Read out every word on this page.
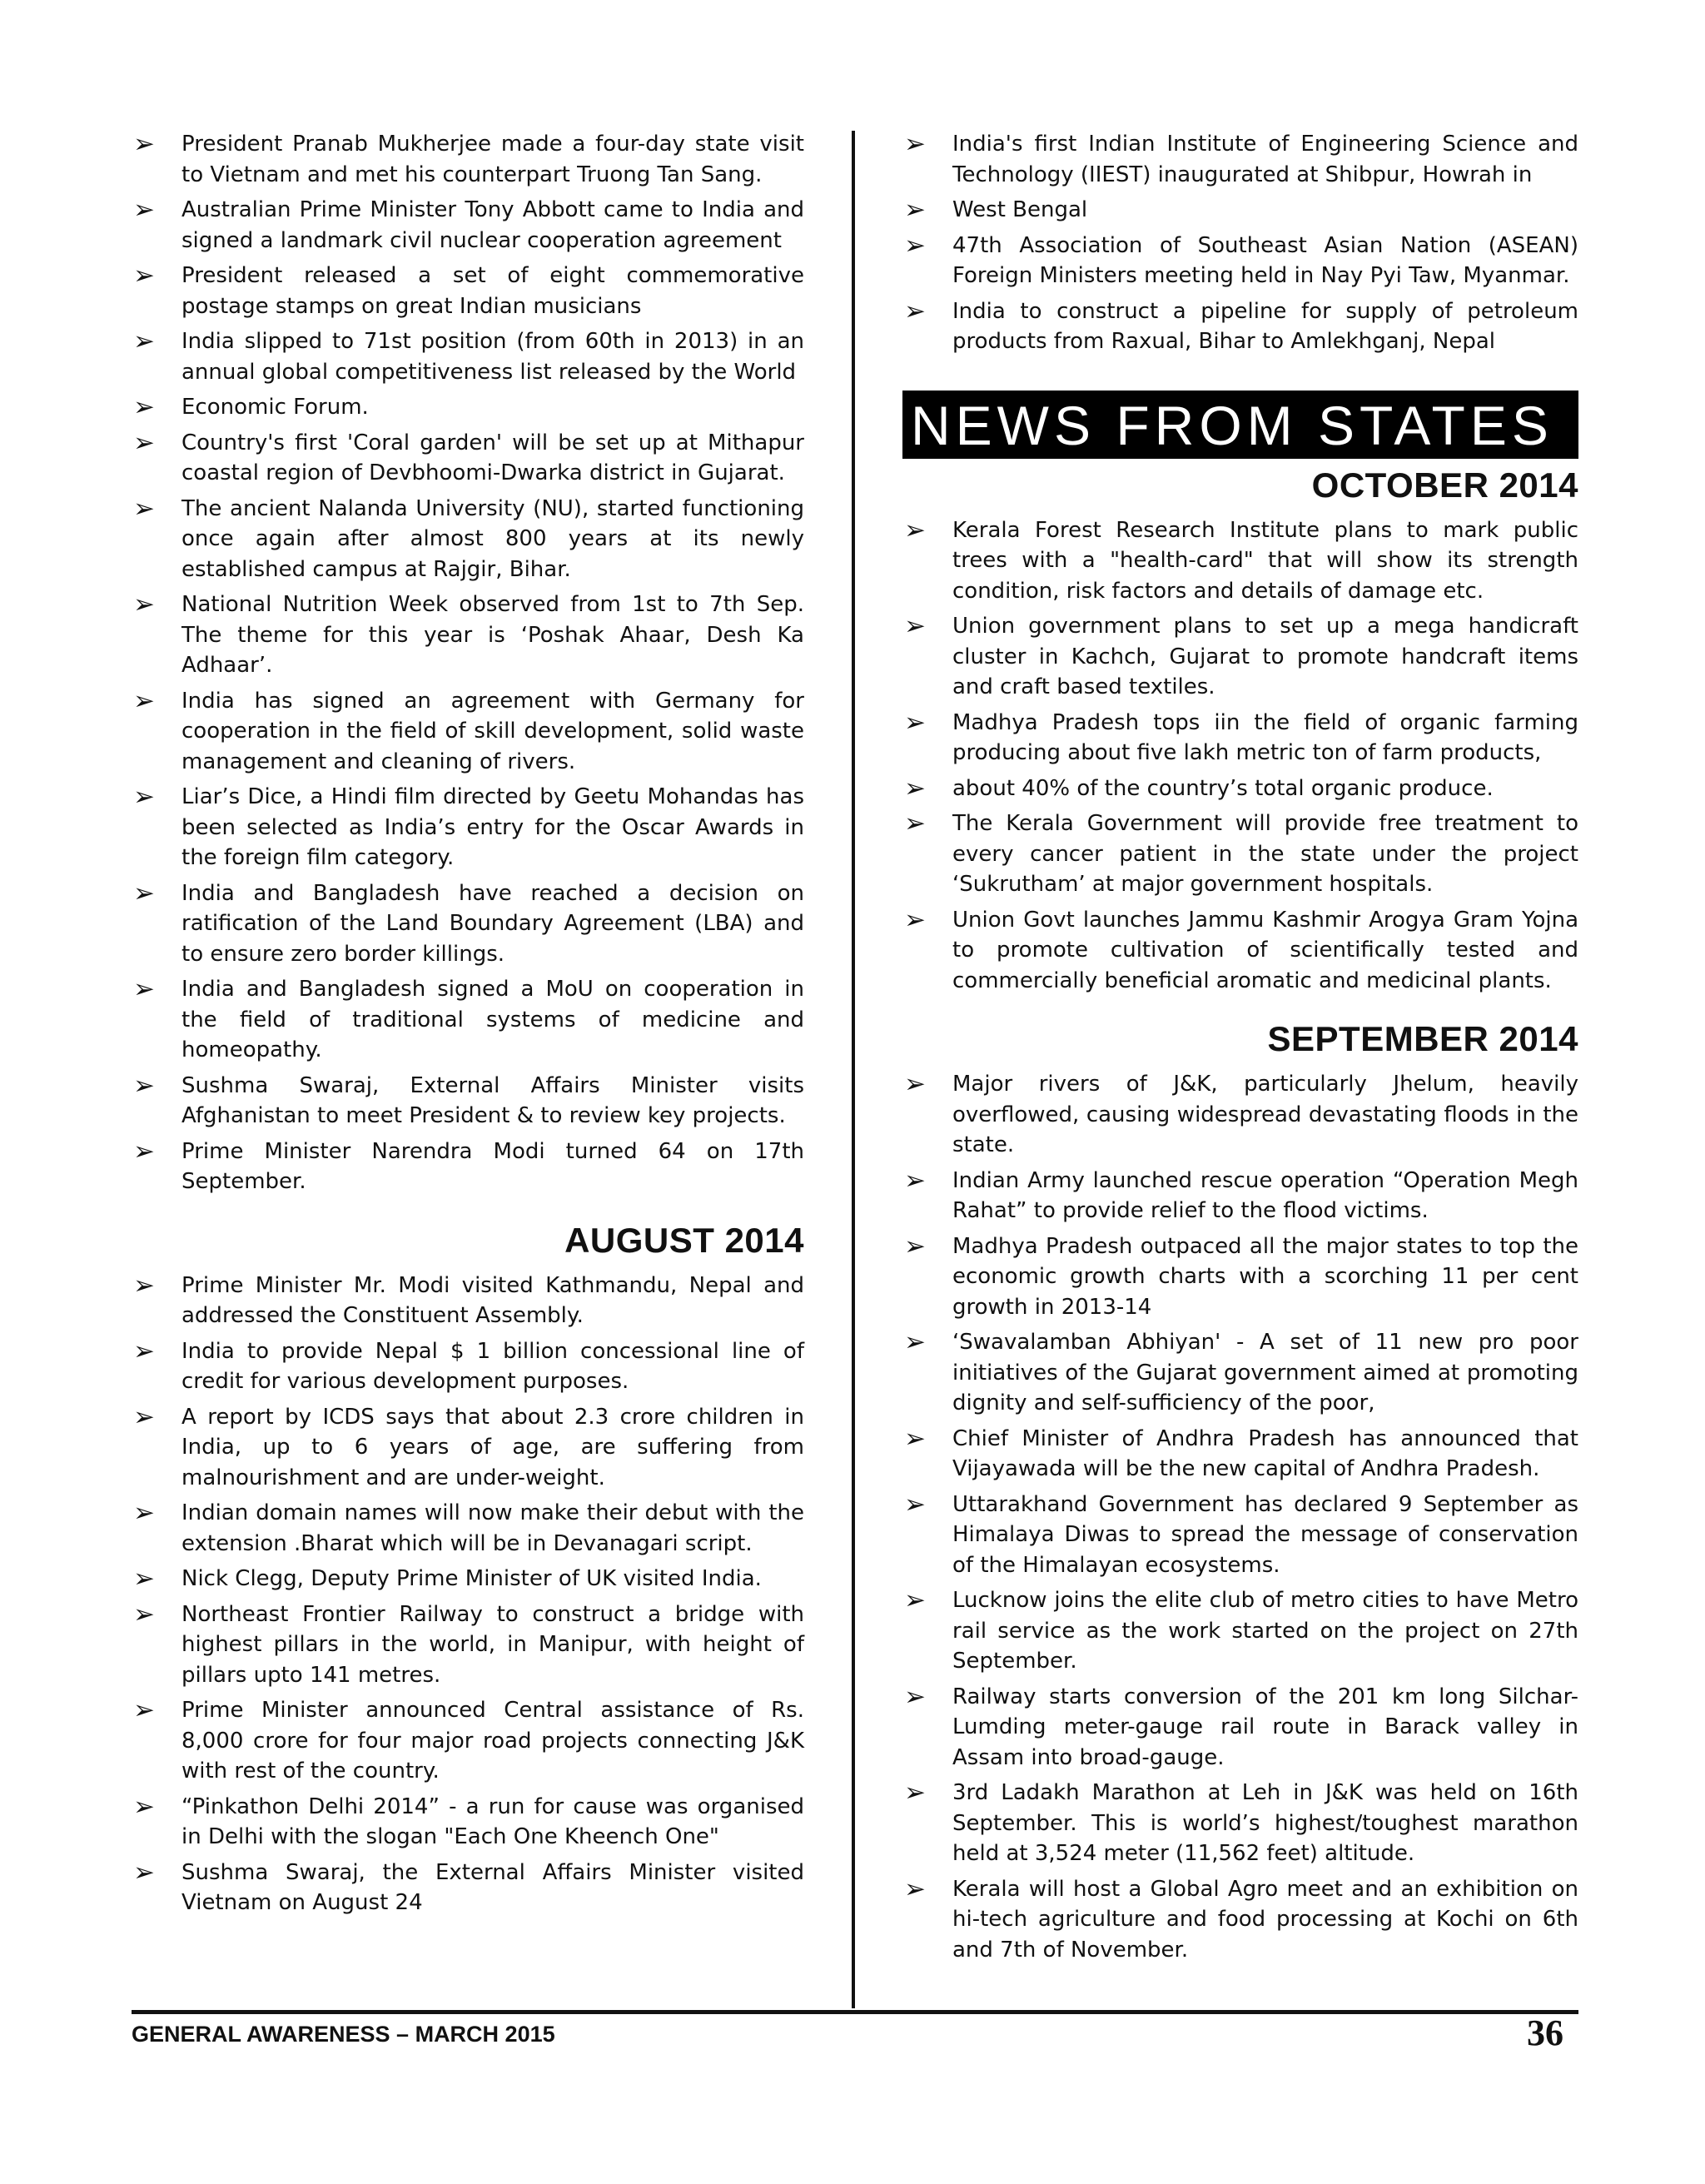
➢ President Pranab Mukherjee made a four-day state visit to Vietnam and met his counterpart Truong Tan Sang.
➢ Australian Prime Minister Tony Abbott came to India and signed a landmark civil nuclear cooperation agreement
➢ President released a set of eight commemorative postage stamps on great Indian musicians
➢ India slipped to 71st position (from 60th in 2013) in an annual global competitiveness list released by the World
➢ Economic Forum.
➢ Country's first 'Coral garden' will be set up at Mithapur coastal region of Devbhoomi-Dwarka district in Gujarat.
➢ The ancient Nalanda University (NU), started functioning once again after almost 800 years at its newly established campus at Rajgir, Bihar.
➢ National Nutrition Week observed from 1st to 7th Sep. The theme for this year is ‘Poshak Ahaar, Desh Ka Adhaar’.
➢ India has signed an agreement with Germany for cooperation in the field of skill development, solid waste management and cleaning of rivers.
➢ Liar’s Dice, a Hindi film directed by Geetu Mohandas has been selected as India’s entry for the Oscar Awards in the foreign film category.
➢ India and Bangladesh have reached a decision on ratification of the Land Boundary Agreement (LBA) and to ensure zero border killings.
➢ India and Bangladesh signed a MoU on cooperation in the field of traditional systems of medicine and homeopathy.
➢ Sushma Swaraj, External Affairs Minister visits Afghanistan to meet President & to review key projects.
➢ Prime Minister Narendra Modi turned 64 on 17th September.
AUGUST 2014
➢ Prime Minister Mr. Modi visited Kathmandu, Nepal and addressed the Constituent Assembly.
➢ India to provide Nepal $ 1 billion concessional line of credit for various development purposes.
➢ A report by ICDS says that about 2.3 crore children in India, up to 6 years of age, are suffering from malnourishment and are under-weight.
➢ Indian domain names will now make their debut with the extension .Bharat which will be in Devanagari script.
➢ Nick Clegg, Deputy Prime Minister of UK visited India.
➢ Northeast Frontier Railway to construct a bridge with highest pillars in the world, in Manipur, with height of pillars upto 141 metres.
➢ Prime Minister announced Central assistance of Rs. 8,000 crore for four major road projects connecting J&K with rest of the country.
➢ “Pinkathon Delhi 2014” - a run for cause was organised in Delhi with the slogan "Each One Kheench One"
➢ Sushma Swaraj, the External Affairs Minister visited Vietnam on August 24
➢ India's first Indian Institute of Engineering Science and Technology (IIEST) inaugurated at Shibpur, Howrah in
➢ West Bengal
➢ 47th Association of Southeast Asian Nation (ASEAN) Foreign Ministers meeting held in Nay Pyi Taw, Myanmar.
➢ India to construct a pipeline for supply of petroleum products from Raxual, Bihar to Amlekhganj, Nepal
NEWS FROM STATES
OCTOBER 2014
➢ Kerala Forest Research Institute plans to mark public trees with a "health-card" that will show its strength condition, risk factors and details of damage etc.
➢ Union government plans to set up a mega handicraft cluster in Kachch, Gujarat to promote handcraft items and craft based textiles.
➢ Madhya Pradesh tops iin the field of organic farming producing about five lakh metric ton of farm products,
➢ about 40% of the country’s total organic produce.
➢ The Kerala Government will provide free treatment to every cancer patient in the state under the project ‘Sukrutham’ at major government hospitals.
➢ Union Govt launches Jammu Kashmir Arogya Gram Yojna to promote cultivation of scientifically tested and commercially beneficial aromatic and medicinal plants.
SEPTEMBER 2014
➢ Major rivers of J&K, particularly Jhelum, heavily overflowed, causing widespread devastating floods in the state.
➢ Indian Army launched rescue operation “Operation Megh Rahat” to provide relief to the flood victims.
➢ Madhya Pradesh outpaced all the major states to top the economic growth charts with a scorching 11 per cent growth in 2013-14
➢ ‘Swavalamban Abhiyan' - A set of 11 new pro poor initiatives of the Gujarat government aimed at promoting dignity and self-sufficiency of the poor,
➢ Chief Minister of Andhra Pradesh has announced that Vijayawada will be the new capital of Andhra Pradesh.
➢ Uttarakhand Government has declared 9 September as Himalaya Diwas to spread the message of conservation of the Himalayan ecosystems.
➢ Lucknow joins the elite club of metro cities to have Metro rail service as the work started on the project on 27th September.
➢ Railway starts conversion of the 201 km long Silchar-Lumding meter-gauge rail route in Barack valley in Assam into broad-gauge.
➢ 3rd Ladakh Marathon at Leh in J&K was held on 16th September. This is world’s highest/toughest marathon held at 3,524 meter (11,562 feet) altitude.
➢ Kerala will host a Global Agro meet and an exhibition on hi-tech agriculture and food processing at Kochi on 6th and 7th of November.
GENERAL AWARENESS – MARCH 2015	36
